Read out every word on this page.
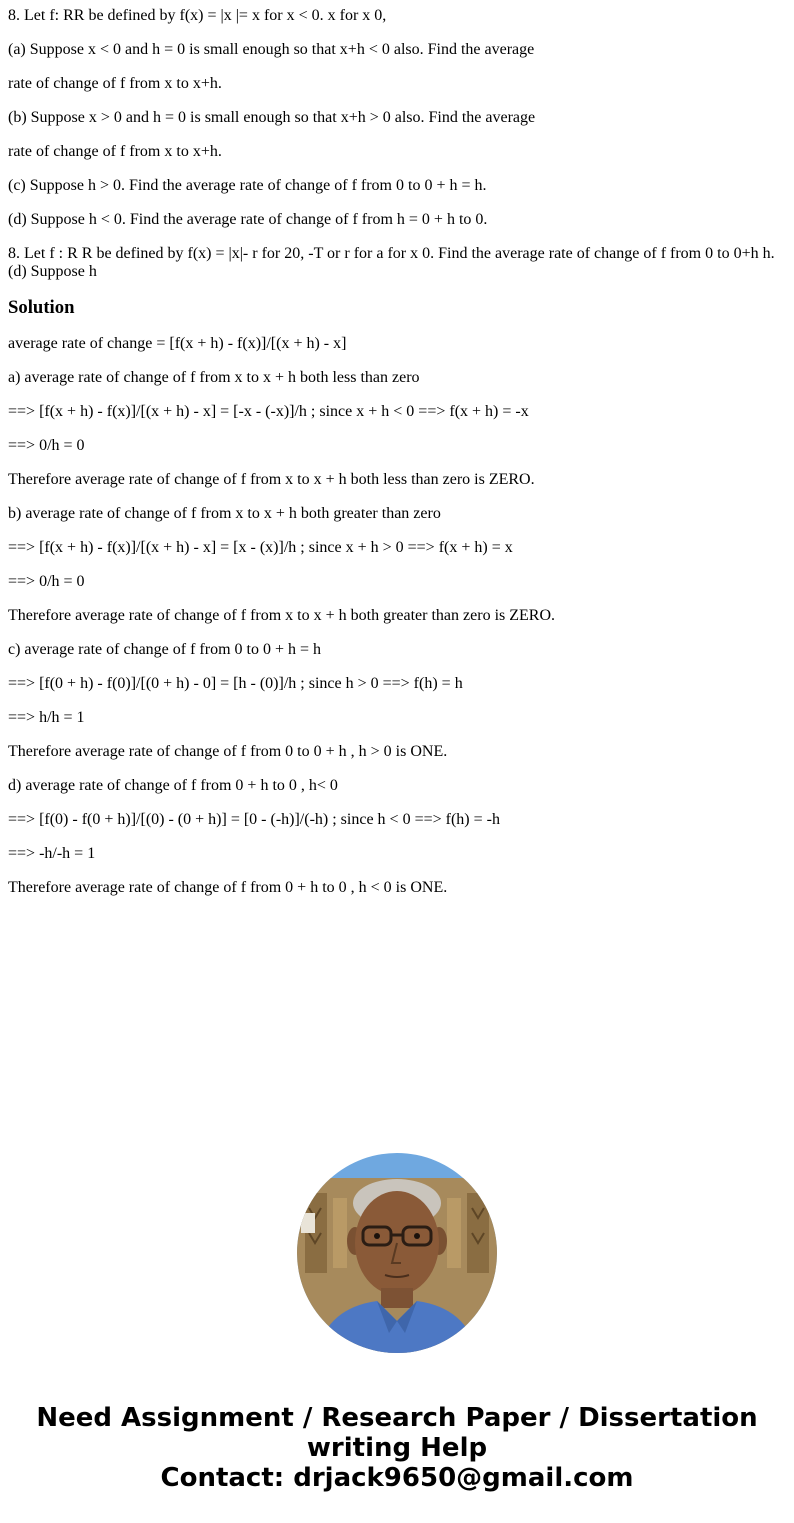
8. Let f: RR be defined by f(x) = |x |= x for x < 0. x for x 0,
(a) Suppose x < 0 and h = 0 is small enough so that x+h < 0 also. Find the average
rate of change of f from x to x+h.
(b) Suppose x > 0 and h = 0 is small enough so that x+h > 0 also. Find the average
rate of change of f from x to x+h.
(c) Suppose h > 0. Find the average rate of change of f from 0 to 0 + h = h.
(d) Suppose h < 0. Find the average rate of change of f from h = 0 + h to 0.
8. Let f : R R be defined by f(x) = |x|- r for 20, -T or r for a for x 0. Find the average rate of change of f from 0 to 0+h h.
(d) Suppose h
Solution
average rate of change = [f(x + h) - f(x)]/[(x + h) - x]
a) average rate of change of f from x to x + h both less than zero
==> [f(x + h) - f(x)]/[(x + h) - x] = [-x - (-x)]/h ; since x + h < 0 ==> f(x + h) = -x
==> 0/h = 0
Therefore average rate of change of f from x to x + h both less than zero is ZERO.
b) average rate of change of f from x to x + h both greater than zero
==> [f(x + h) - f(x)]/[(x + h) - x] = [x - (x)]/h ; since x + h > 0 ==> f(x + h) = x
==> 0/h = 0
Therefore average rate of change of f from x to x + h both greater than zero is ZERO.
c) average rate of change of f from 0 to 0 + h = h
==> [f(0 + h) - f(0)]/[(0 + h) - 0] = [h - (0)]/h ; since h > 0 ==> f(h) = h
==> h/h = 1
Therefore average rate of change of f from 0 to 0 + h , h > 0 is ONE.
d) average rate of change of f from 0 + h to 0 , h< 0
==> [f(0) - f(0 + h)]/[(0) - (0 + h)] = [0 - (-h)]/(-h) ; since h < 0 ==> f(h) = -h
==> -h/-h = 1
Therefore average rate of change of f from 0 + h to 0 , h < 0 is ONE.
Need Assignment / Research Paper / Dissertation
writing Help
Contact: drjack9650@gmail.com
